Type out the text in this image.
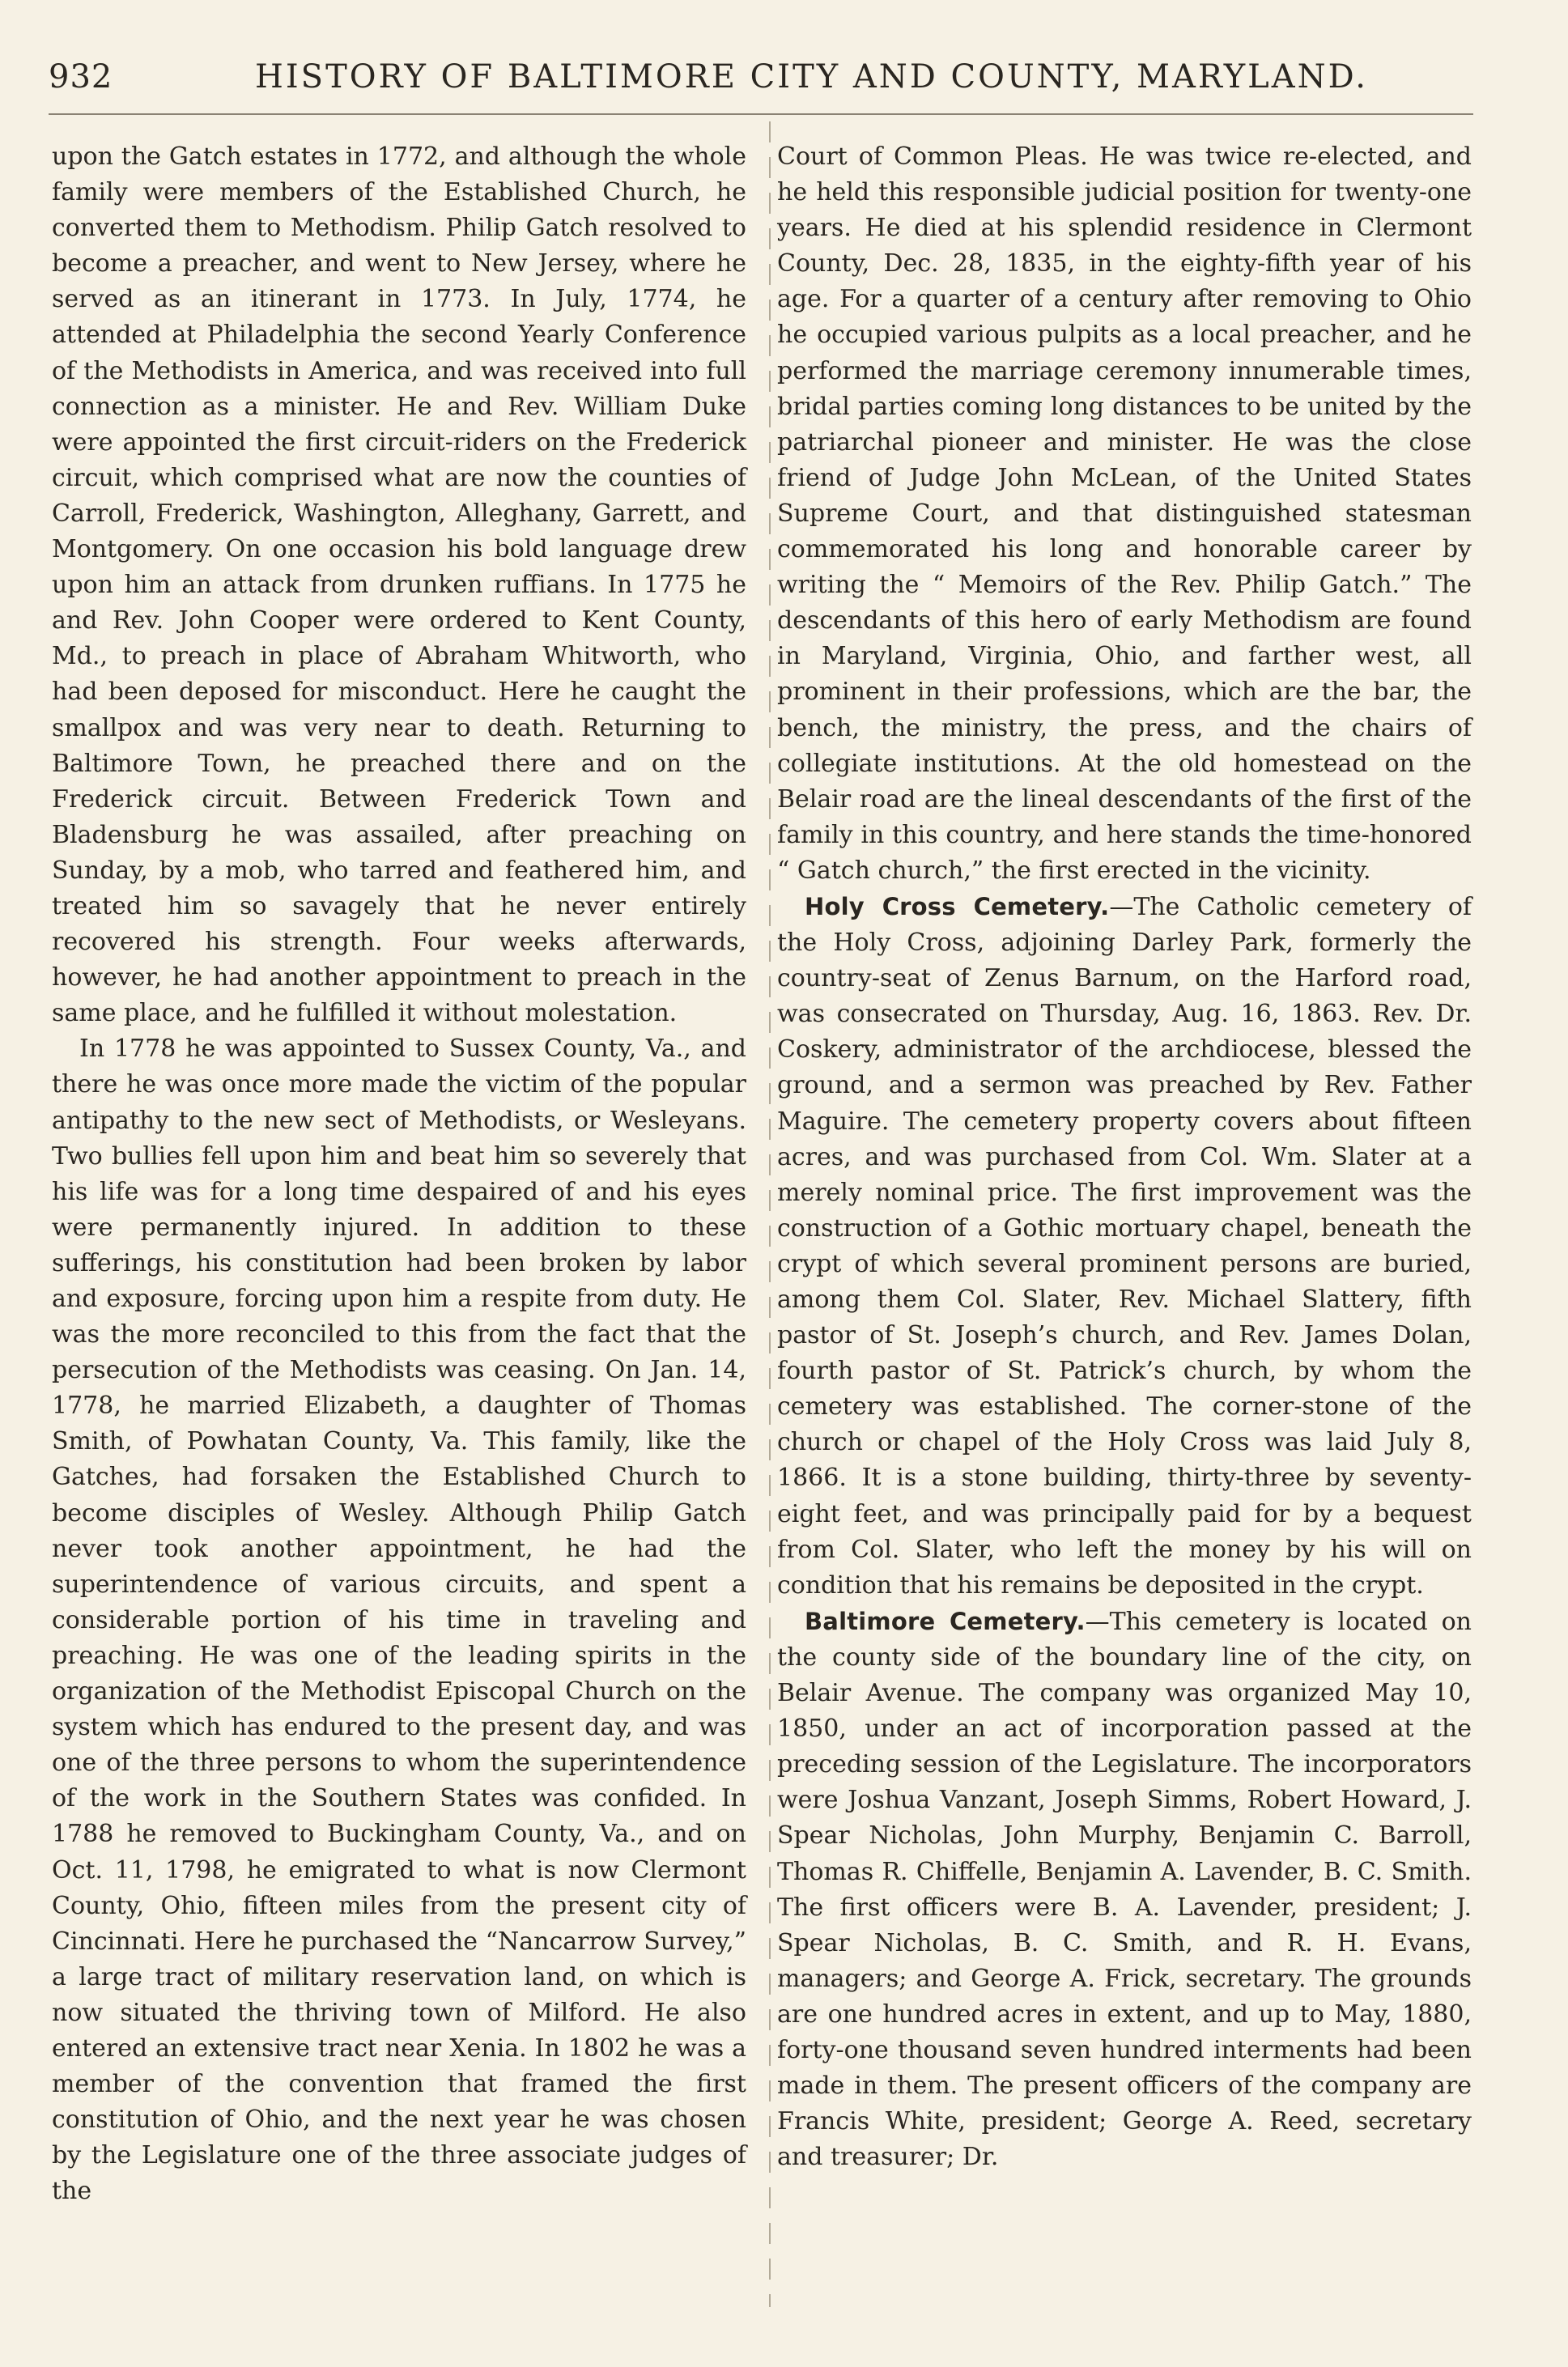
932	HISTORY OF BALTIMORE CITY AND COUNTY, MARYLAND.

upon the Gatch estates in 1772, and although the whole family were members of the Established Church, he converted them to Methodism. Philip Gatch resolved to become a preacher, and went to New Jersey, where he served as an itinerant in 1773. In July, 1774, he attended at Philadelphia the second Yearly Conference of the Methodists in America, and was received into full connection as a minister. He and Rev. William Duke were appointed the first circuit-riders on the Frederick circuit, which comprised what are now the counties of Carroll, Frederick, Washington, Alleghany, Garrett, and Montgomery. On one occasion his bold language drew upon him an attack from drunken ruffians. In 1775 he and Rev. John Cooper were ordered to Kent County, Md., to preach in place of Abraham Whitworth, who had been deposed for misconduct. Here he caught the smallpox and was very near to death. Returning to Baltimore Town, he preached there and on the Frederick circuit. Between Frederick Town and Bladensburg he was assailed, after preaching on Sunday, by a mob, who tarred and feathered him, and treated him so savagely that he never entirely recovered his strength. Four weeks afterwards, however, he had another appointment to preach in the same place, and he fulfilled it without molestation.

In 1778 he was appointed to Sussex County, Va., and there he was once more made the victim of the popular antipathy to the new sect of Methodists, or Wesleyans. Two bullies fell upon him and beat him so severely that his life was for a long time despaired of and his eyes were permanently injured. In addition to these sufferings, his constitution had been broken by labor and exposure, forcing upon him a respite from duty. He was the more reconciled to this from the fact that the persecution of the Methodists was ceasing. On Jan. 14, 1778, he married Elizabeth, a daughter of Thomas Smith, of Powhatan County, Va. This family, like the Gatches, had forsaken the Established Church to become disciples of Wesley. Although Philip Gatch never took another appointment, he had the superintendence of various circuits, and spent a considerable portion of his time in traveling and preaching. He was one of the leading spirits in the organization of the Methodist Episcopal Church on the system which has endured to the present day, and was one of the three persons to whom the superintendence of the work in the Southern States was confided. In 1788 he removed to Buckingham County, Va., and on Oct. 11, 1798, he emigrated to what is now Clermont County, Ohio, fifteen miles from the present city of Cincinnati. Here he purchased the “Nancarrow Survey,” a large tract of military reservation land, on which is now situated the thriving town of Milford. He also entered an extensive tract near Xenia. In 1802 he was a member of the convention that framed the first constitution of Ohio, and the next year he was chosen by the Legislature one of the three associate judges of the

Court of Common Pleas. He was twice re-elected, and he held this responsible judicial position for twenty-one years. He died at his splendid residence in Clermont County, Dec. 28, 1835, in the eighty-fifth year of his age. For a quarter of a century after removing to Ohio he occupied various pulpits as a local preacher, and he performed the marriage ceremony innumerable times, bridal parties coming long distances to be united by the patriarchal pioneer and minister. He was the close friend of Judge John McLean, of the United States Supreme Court, and that distinguished statesman commemorated his long and honorable career by writing the “ Memoirs of the Rev. Philip Gatch.” The descendants of this hero of early Methodism are found in Maryland, Virginia, Ohio, and farther west, all prominent in their professions, which are the bar, the bench, the ministry, the press, and the chairs of collegiate institutions. At the old homestead on the Belair road are the lineal descendants of the first of the family in this country, and here stands the time-honored “ Gatch church,” the first erected in the vicinity.

Holy Cross Cemetery.—The Catholic cemetery of the Holy Cross, adjoining Darley Park, formerly the country-seat of Zenus Barnum, on the Harford road, was consecrated on Thursday, Aug. 16, 1863. Rev. Dr. Coskery, administrator of the archdiocese, blessed the ground, and a sermon was preached by Rev. Father Maguire. The cemetery property covers about fifteen acres, and was purchased from Col. Wm. Slater at a merely nominal price. The first improvement was the construction of a Gothic mortuary chapel, beneath the crypt of which several prominent persons are buried, among them Col. Slater, Rev. Michael Slattery, fifth pastor of St. Joseph’s church, and Rev. James Dolan, fourth pastor of St. Patrick’s church, by whom the cemetery was established. The corner-stone of the church or chapel of the Holy Cross was laid July 8, 1866. It is a stone building, thirty-three by seventy-eight feet, and was principally paid for by a bequest from Col. Slater, who left the money by his will on condition that his remains be deposited in the crypt.

Baltimore Cemetery.—This cemetery is located on the county side of the boundary line of the city, on Belair Avenue. The company was organized May 10, 1850, under an act of incorporation passed at the preceding session of the Legislature. The incorporators were Joshua Vanzant, Joseph Simms, Robert Howard, J. Spear Nicholas, John Murphy, Benjamin C. Barroll, Thomas R. Chiffelle, Benjamin A. Lavender, B. C. Smith. The first officers were B. A. Lavender, president; J. Spear Nicholas, B. C. Smith, and R. H. Evans, managers; and George A. Frick, secretary. The grounds are one hundred acres in extent, and up to May, 1880, forty-one thousand seven hundred interments had been made in them. The present officers of the company are Francis White, president; George A. Reed, secretary and treasurer; Dr.
